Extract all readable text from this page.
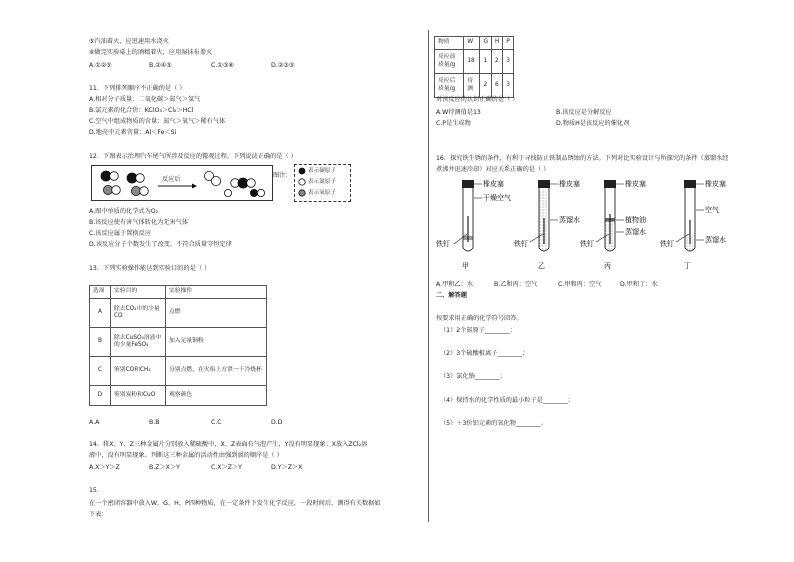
⑤汽油着火，应迅速用水浇灭
⑥做完实验桌上的酒精着火，应用湿抹布盖灭
A.①②⑤	B.②④⑤	C.①③⑥	D.②③⑤
11．下列排列顺序不正确的是（ ）
A.相对分子质量：二氧化碳＞氮气＞氢气
B.氯元素的化合价：KClO₃＞Cl₂＞HCl
C.空气中组成物质的含量：氮气＞氧气＞稀有气体
D.地壳中元素含量：Al＜Fe＜Si
12．下图表示治理汽车尾气所涉及反应的微观过程。下列说法正确的是（ ）
反应后
图注：
表示碳原子
表示氮原子
表示氧原子
A.图中单质的化学式为O₂
B.该反应使有害气体转化为无害气体
C.该反应属于置换反应
D.该反应分子个数发生了改变，不符合质量守恒定律
13．下列实验操作能达到实验目的的是（ ）
选项	实验目的	实验操作
A	除去CO₂中的少量CO	点燃
B	除去CuSO₄溶液中的少量FeSO₄	加入足量铜粉
C	鉴别CO和CH₄	分别点燃，在火焰上方罩一干冷烧杯
D	鉴别炭粉和CuO	观察颜色
A.A	B.B	C.C	D.D
14．将X、Y、Z三种金属片分别放入稀硫酸中，X、Z表面有气泡产生，Y没有明显现象；X放入ZCl₂溶
液中，没有明显现象。判断这三种金属的活动性由强到弱的顺序是（ ）
A.X＞Y＞Z	B.Z＞X＞Y	C.X＞Z＞Y	D.Y＞Z＞X
15．
在一个密闭容器中放入W、G、H、P四种物质，在一定条件下发生化学反应，一段时间后，测得有关数据如
下表：
物质	W	G	H	P
反应前质量/g	18	1	2	3
反应后质量/g	待测	2	6	3
对该反应的认识正确的是（ ）
A.W待测值是13	B.该反应是分解反应
C.P是生成物	D.物质H是该反应的催化剂
16．探究铁生锈的条件，有利于寻找防止铁制品锈蚀的方法。下列对比实验设计与所探究的条件（蒸馏水经
煮沸并迅速冷却）对应关系正确的是（ ）
橡皮塞
干燥空气
铁钉
甲
橡皮塞
蒸馏水
铁钉
乙
橡皮塞
植物油
蒸馏水
铁钉
丙
橡皮塞
空气
蒸馏水
铁钉
丁
A.甲和乙：水	B.乙和丙：空气	C.甲和丙：空气	D.甲和丁：水
二、解答题
按要求用正确的化学符号回答。
（1）2个氮原子________；
（2）3个硫酸根离子________；
（3）氯化钠________；
（4）保持水的化学性质的最小粒子是________；
（5）＋3价铝元素的氧化物________。
